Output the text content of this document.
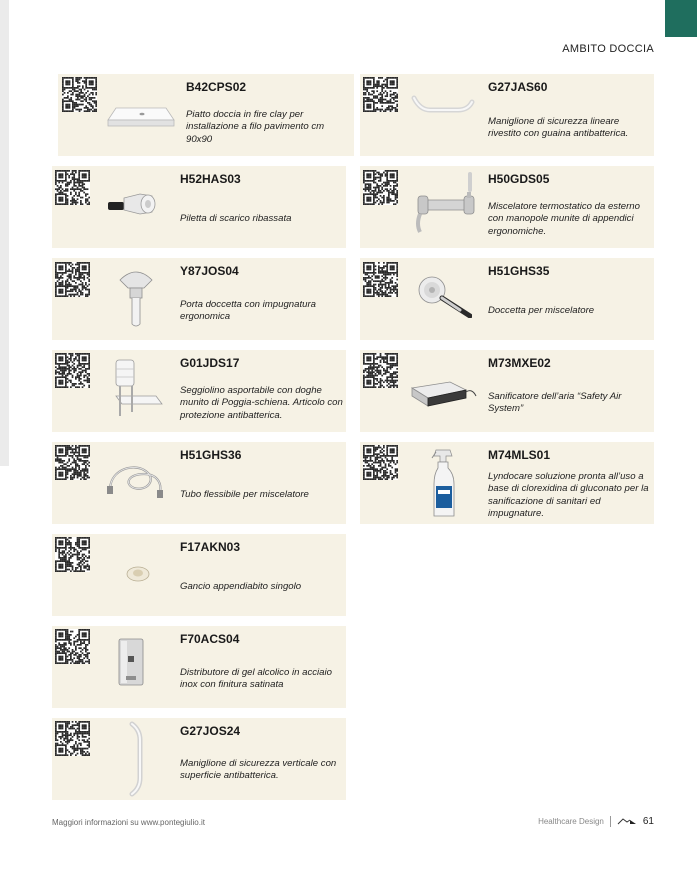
AMBITO DOCCIA
B42CPS02
Piatto doccia in fire clay per installazione a filo pavimento cm 90x90
G27JAS60
Maniglione di sicurezza lineare rivestito con guaina antibatterica.
H52HAS03
Piletta di scarico ribassata
H50GDS05
Miscelatore termostatico da esterno con manopole munite di appendici ergonomiche.
Y87JOS04
Porta doccetta con impugnatura ergonomica
H51GHS35
Doccetta per miscelatore
G01JDS17
Seggiolino asportabile con doghe munito di Poggia-schiena. Articolo con protezione antibatterica.
M73MXE02
Sanificatore dell’aria “Safety Air System”
H51GHS36
Tubo flessibile per miscelatore
M74MLS01
Lyndocare soluzione pronta all’uso a base di clorexidina di gluconato per la sanificazione di sanitari ed impugnature.
F17AKN03
Gancio appendiabito singolo
F70ACS04
Distributore di gel alcolico in acciaio inox con finitura satinata
G27JOS24
Maniglione di sicurezza verticale con superficie antibatterica.
Maggiori informazioni su www.pontegiulio.it	Healthcare Design	61
